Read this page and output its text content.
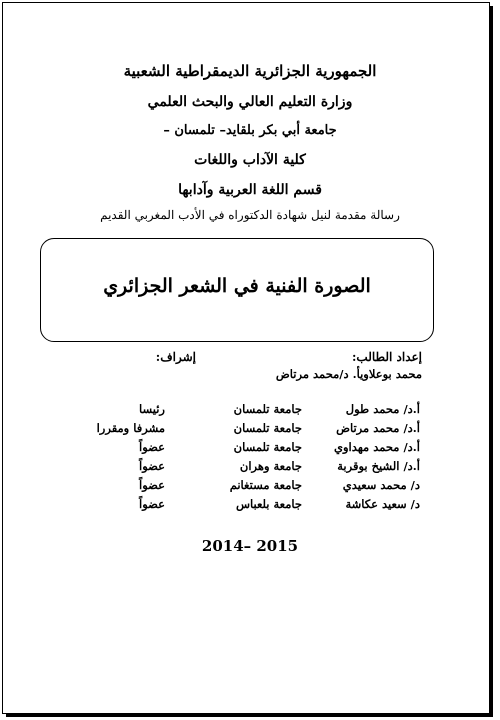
الجمهورية الجزائرية الديمقراطية الشعبية
وزارة التعليم العالي والبحث العلمي
جامعة أبي بكر بلقايد– تلمسان –
كلية الآداب واللغات
قسم اللغة العربية وآدابها
رسالة مقدمة لنيل شهادة الدكتوراه في الأدب المغربي القديم
الصورة الفنية في الشعر الجزائري
إعداد الطالب:
إشراف:
محمد بوعلاويأ. د/محمد مرتاض
أ.د/ محمد طول
جامعة تلمسان
رئيسا
أ.د/ محمد مرتاض
جامعة تلمسان
مشرفا ومقررا
أ.د/ محمد مهداوي
جامعة تلمسان
عضواً
أ.د/ الشيخ بوقربة
جامعة وهران
عضواً
د/ محمد سعيدي
جامعة مستغانم
عضواً
د/ سعيد عكاشة
جامعة بلعباس
عضواً
2014– 2015
